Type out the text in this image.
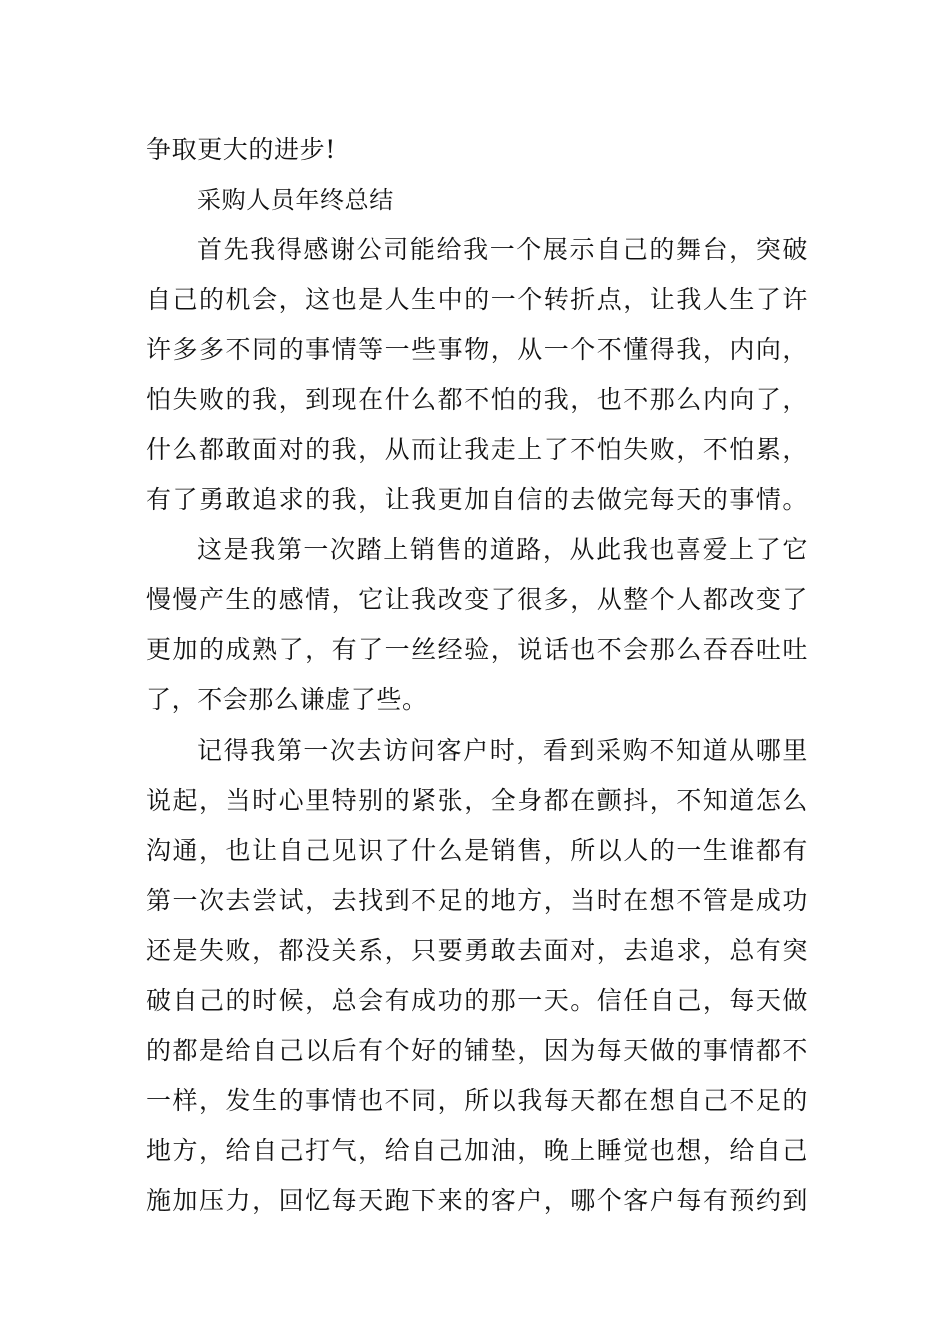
争取更大的进步!
采购人员年终总结
首先我得感谢公司能给我一个展示自己的舞台，突破
自己的机会，这也是人生中的一个转折点，让我人生了许
许多多不同的事情等一些事物，从一个不懂得我，内向，
怕失败的我，到现在什么都不怕的我，也不那么内向了，
什么都敢面对的我，从而让我走上了不怕失败，不怕累，
有了勇敢追求的我，让我更加自信的去做完每天的事情。
这是我第一次踏上销售的道路，从此我也喜爱上了它
慢慢产生的感情，它让我改变了很多，从整个人都改变了
更加的成熟了，有了一丝经验，说话也不会那么吞吞吐吐
了，不会那么谦虚了些。
记得我第一次去访问客户时，看到采购不知道从哪里
说起，当时心里特别的紧张，全身都在颤抖，不知道怎么
沟通，也让自己见识了什么是销售，所以人的一生谁都有
第一次去尝试，去找到不足的地方，当时在想不管是成功
还是失败，都没关系，只要勇敢去面对，去追求，总有突
破自己的时候，总会有成功的那一天。信任自己，每天做
的都是给自己以后有个好的铺垫，因为每天做的事情都不
一样，发生的事情也不同，所以我每天都在想自己不足的
地方，给自己打气，给自己加油，晚上睡觉也想，给自己
施加压力，回忆每天跑下来的客户，哪个客户每有预约到
